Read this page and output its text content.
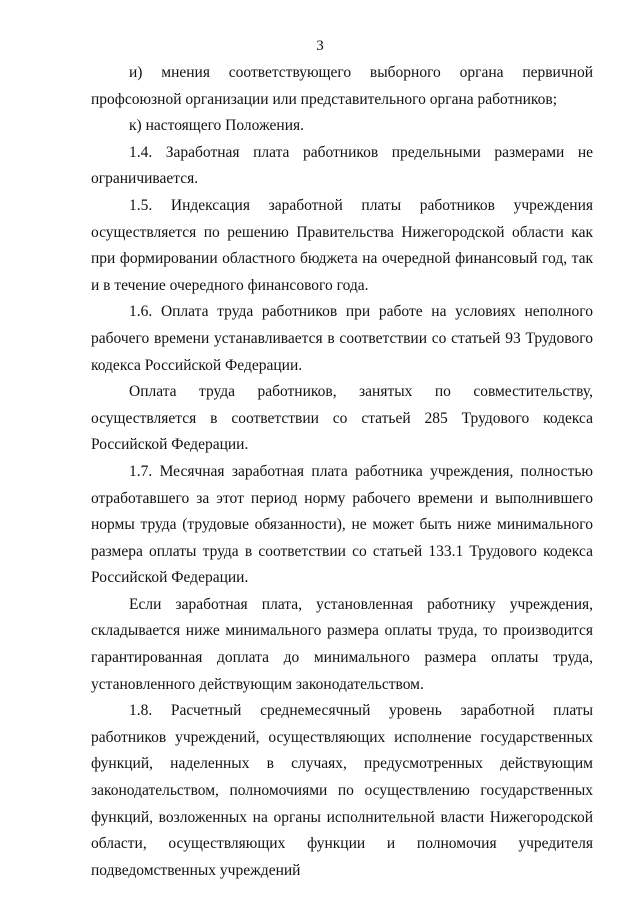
3

и) мнения соответствующего выборного органа первичной профсоюзной организации или представительного органа работников;

к) настоящего Положения.

1.4. Заработная плата работников предельными размерами не ограничивается.

1.5. Индексация заработной платы работников учреждения осуществляется по решению Правительства Нижегородской области как при формировании областного бюджета на очередной финансовый год, так и в течение очередного финансового года.

1.6. Оплата труда работников при работе на условиях неполного рабочего времени устанавливается в соответствии со статьей 93 Трудового кодекса Российской Федерации.

Оплата труда работников, занятых по совместительству, осуществляется в соответствии со статьей 285 Трудового кодекса Российской Федерации.

1.7. Месячная заработная плата работника учреждения, полностью отработавшего за этот период норму рабочего времени и выполнившего нормы труда (трудовые обязанности), не может быть ниже минимального размера оплаты труда в соответствии со статьей 133.1 Трудового кодекса Российской Федерации.

Если заработная плата, установленная работнику учреждения, складывается ниже минимального размера оплаты труда, то производится гарантированная доплата до минимального размера оплаты труда, установленного действующим законодательством.

1.8. Расчетный среднемесячный уровень заработной платы работников учреждений, осуществляющих исполнение государственных функций, наделенных в случаях, предусмотренных действующим законодательством, полномочиями по осуществлению государственных функций, возложенных на органы исполнительной власти Нижегородской области, осуществляющих функции и полномочия учредителя подведомственных учреждений
